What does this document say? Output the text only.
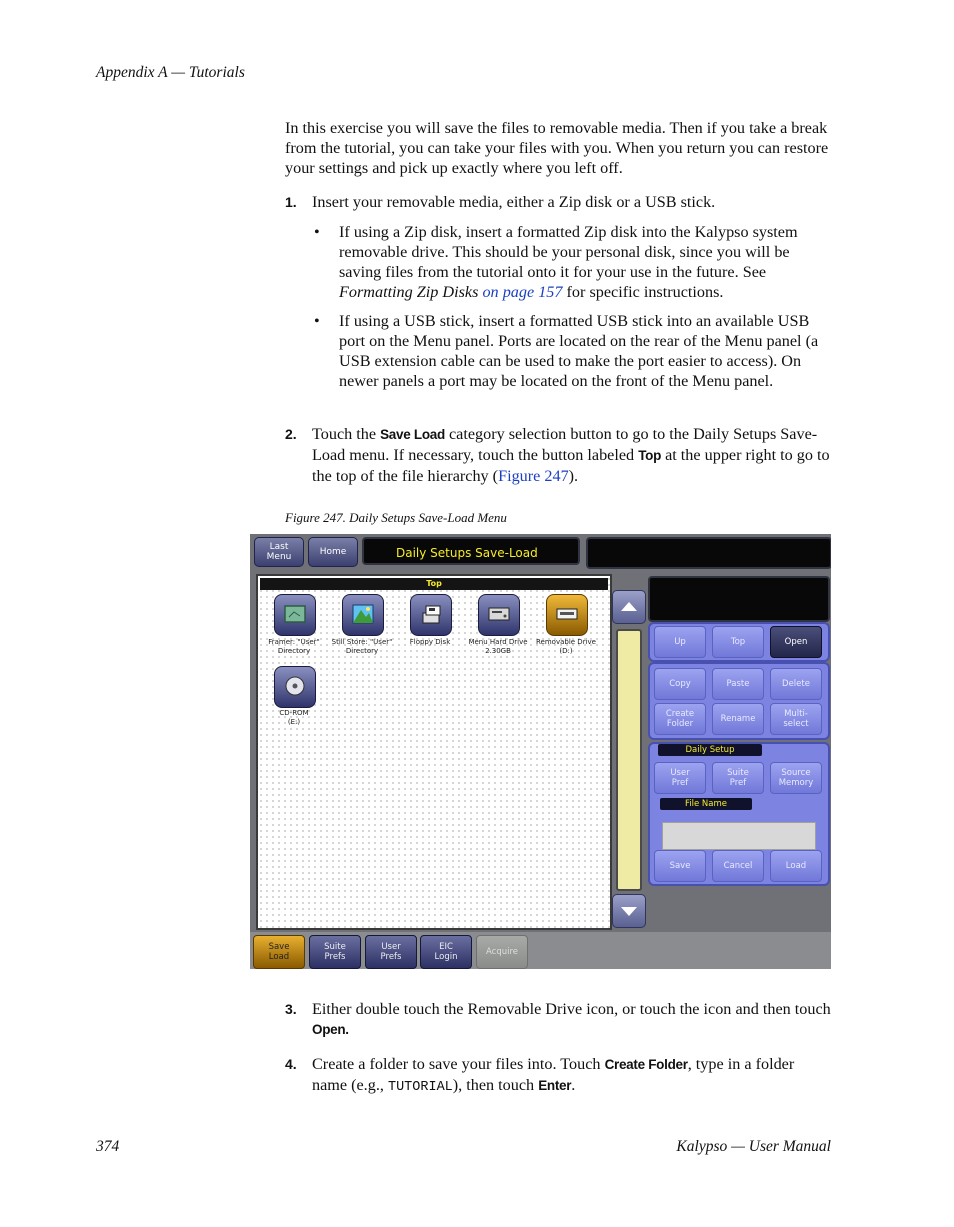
Appendix A — Tutorials

In this exercise you will save the files to removable media. Then if you take a break from the tutorial, you can take your files with you. When you return you can restore your settings and pick up exactly where you left off.

1. Insert your removable media, either a Zip disk or a USB stick.
• If using a Zip disk, insert a formatted Zip disk into the Kalypso system removable drive. This should be your personal disk, since you will be saving files from the tutorial onto it for your use in the future. See Formatting Zip Disks on page 157 for specific instructions.
• If using a USB stick, insert a formatted USB stick into an available USB port on the Menu panel. Ports are located on the rear of the Menu panel (a USB extension cable can be used to make the port easier to access). On newer panels a port may be located on the front of the Menu panel.
2. Touch the Save Load category selection button to go to the Daily Setups Save-Load menu. If necessary, touch the button labeled Top at the upper right to go to the top of the file hierarchy (Figure 247).
Figure 247. Daily Setups Save-Load Menu
Last
Menu	Home	Daily Setups Save-Load
Top
Framer: "User"
Directory
Still Store: "User"
Directory
Floppy Disk	Menu Hard Drive
2.30GB
Removable Drive
(D:)
CD-ROM
(E:)
Up	Top	Open
Copy	Paste	Delete
Create
Folder	Rename	Multi-
select
Daily Setup
User
Pref
Suite
Pref
Source
Memory
File Name
Save	Cancel	Load
Save
Load
Suite
Prefs
User
Prefs
EIC
Login	Acquire
3. Either double touch the Removable Drive icon, or touch the icon and then touch Open.
4. Create a folder to save your files into. Touch Create Folder, type in a folder name (e.g., TUTORIAL), then touch Enter.
374	Kalypso — User Manual
